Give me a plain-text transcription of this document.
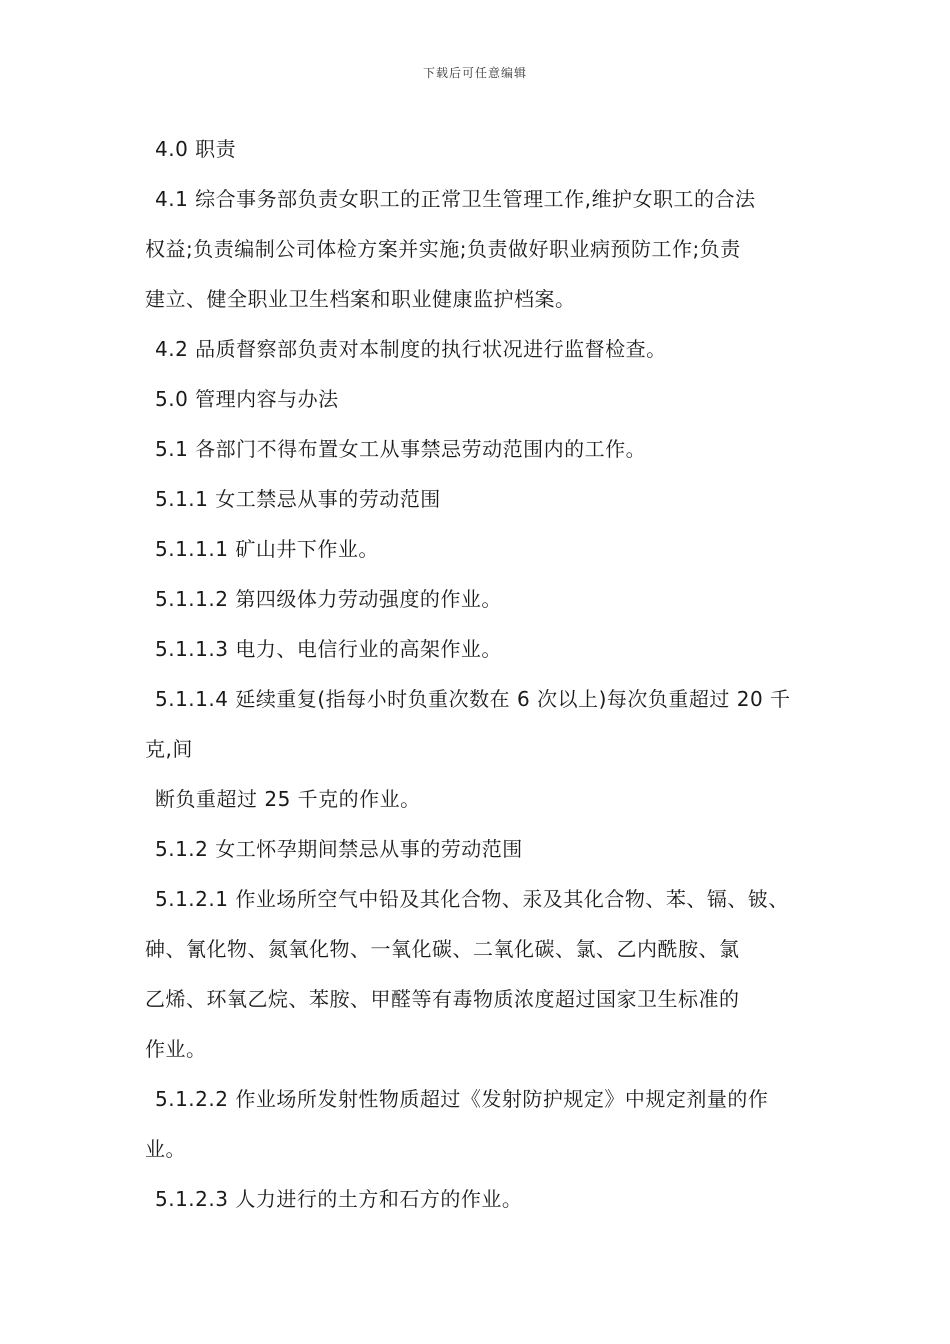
下载后可任意编辑
4.0 职责
4.1 综合事务部负责女职工的正常卫生管理工作,维护女职工的合法
权益;负责编制公司体检方案并实施;负责做好职业病预防工作;负责
建立、健全职业卫生档案和职业健康监护档案。
4.2 品质督察部负责对本制度的执行状况进行监督检查。
5.0 管理内容与办法
5.1 各部门不得布置女工从事禁忌劳动范围内的工作。
5.1.1 女工禁忌从事的劳动范围
5.1.1.1 矿山井下作业。
5.1.1.2 第四级体力劳动强度的作业。
5.1.1.3 电力、电信行业的高架作业。
5.1.1.4 延续重复(指每小时负重次数在 6 次以上)每次负重超过 20 千
克,间
断负重超过 25 千克的作业。
5.1.2 女工怀孕期间禁忌从事的劳动范围
5.1.2.1 作业场所空气中铅及其化合物、汞及其化合物、苯、镉、铍、
砷、氰化物、氮氧化物、一氧化碳、二氧化碳、氯、乙内酰胺、氯
乙烯、环氧乙烷、苯胺、甲醛等有毒物质浓度超过国家卫生标准的
作业。
5.1.2.2 作业场所发射性物质超过《发射防护规定》中规定剂量的作
业。
5.1.2.3 人力进行的土方和石方的作业。
